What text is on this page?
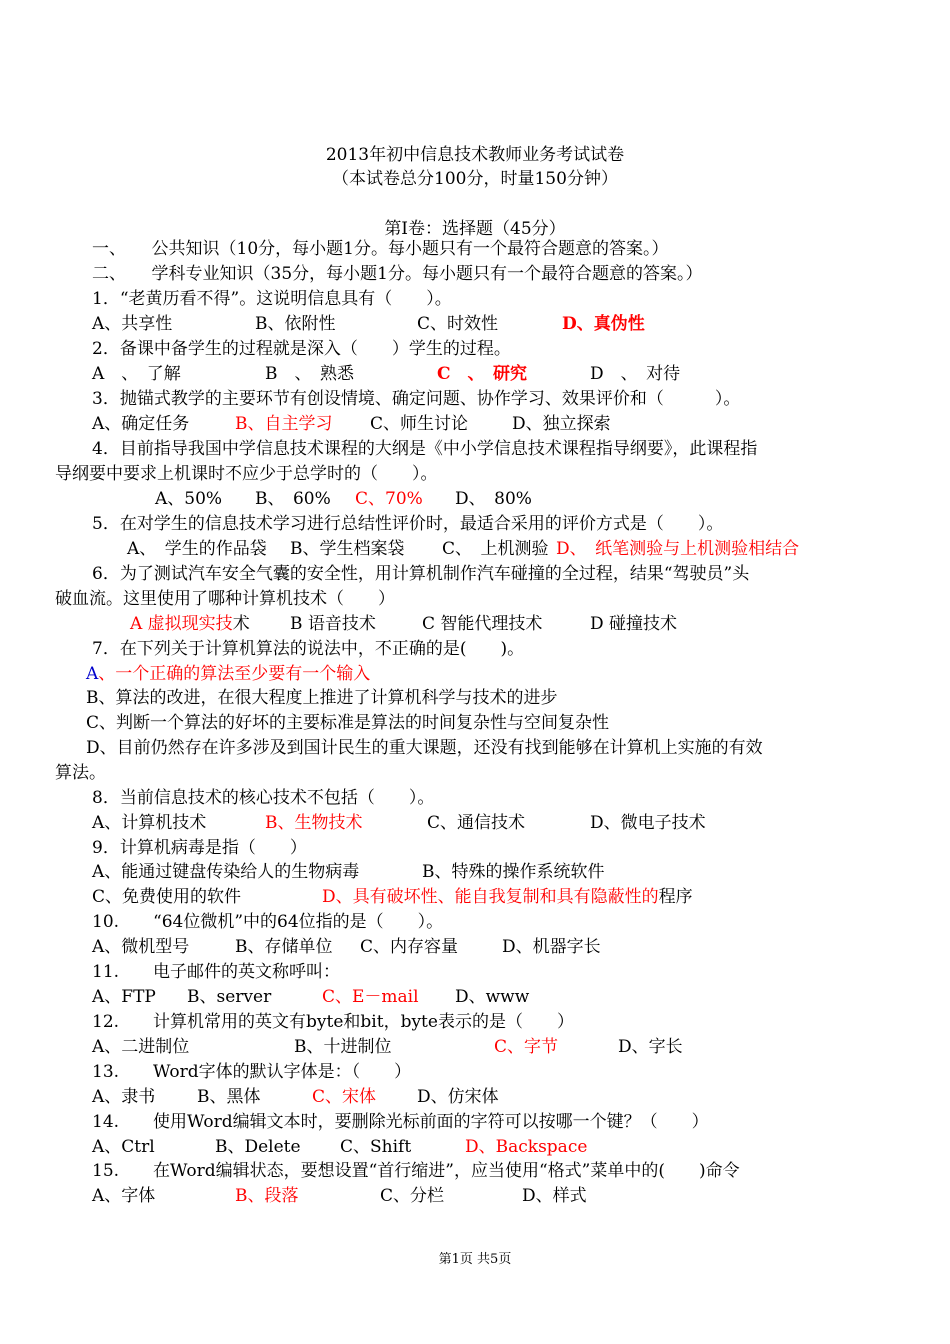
2013年初中信息技术教师业务考试试卷
（本试卷总分100分，时量150分钟）
第Ⅰ卷：选择题（45分）
一、　　公共知识（10分，每小题1分。每小题只有一个最符合题意的答案。）
二、　　学科专业知识（35分，每小题1分。每小题只有一个最符合题意的答案。）
1．“老黄历看不得”。这说明信息具有（　　）。
A、共享性	B、依附性	C、时效性	D、真伪性
2．备课中备学生的过程就是深入（　　）学生的过程。
A　、　了解	B　、　熟悉	C　、　研究	D　、　对待
3．抛锚式教学的主要环节有创设情境、确定问题、协作学习、效果评价和（　　　）。
A、确定任务	B、自主学习 C、师生讨论	D、独立探索
4．目前指导我国中学信息技术课程的大纲是《中小学信息技术课程指导纲要》，此课程指
导纲要中要求上机课时不应少于总学时的（　　）。
A、50% B、　60% C、70% D、　80%
5．在对学生的信息技术学习进行总结性评价时，最适合采用的评价方式是（　　）。
A、　学生的作品袋 B、学生档案袋 C、　上机测验 D、　纸笔测验与上机测验相结合
6．为了测试汽车安全气囊的安全性，用计算机制作汽车碰撞的全过程，结果“驾驶员”头
破血流。这里使用了哪种计算机技术（　　）
A 虚拟现实技术 B 语音技术	C 智能代理技术	D 碰撞技术
7．在下列关于计算机算法的说法中，不正确的是(　　)。
A、一个正确的算法至少要有一个输入
B、算法的改进，在很大程度上推进了计算机科学与技术的进步
C、判断一个算法的好坏的主要标准是算法的时间复杂性与空间复杂性
D、目前仍然存在许多涉及到国计民生的重大课题，还没有找到能够在计算机上实施的有效
算法。
8．当前信息技术的核心技术不包括（　　）。
A、计算机技术	B、生物技术	C、通信技术	D、微电子技术
9．计算机病毒是指（　　）
A、能通过键盘传染给人的生物病毒	B、特殊的操作系统软件
C、免费使用的软件	D、具有破坏性、能自我复制和具有隐蔽性的程序
10.　　“64位微机”中的64位指的是（　　）。
A、微机型号	B、存储单位 C、内存容量	D、机器字长
11.　　电子邮件的英文称呼叫：
A、FTP B、server	C、E－mail D、www
12.　　计算机常用的英文有byte和bit，byte表示的是（　　）
A、二进制位	B、十进制位	C、字节	D、字长
13.　　Word字体的默认字体是：（　　）
A、隶书 B、黑体	C、宋体 D、仿宋体
14.　　使用Word编辑文本时，要删除光标前面的字符可以按哪一个键？（　　）
A、Ctrl	B、Delete C、Shift	D、Backspace
15.　　在Word编辑状态，要想设置“首行缩进”，应当使用“格式”菜单中的(　　)命令
A、字体	B、段落	C、分栏	D、样式
第1页 共5页
